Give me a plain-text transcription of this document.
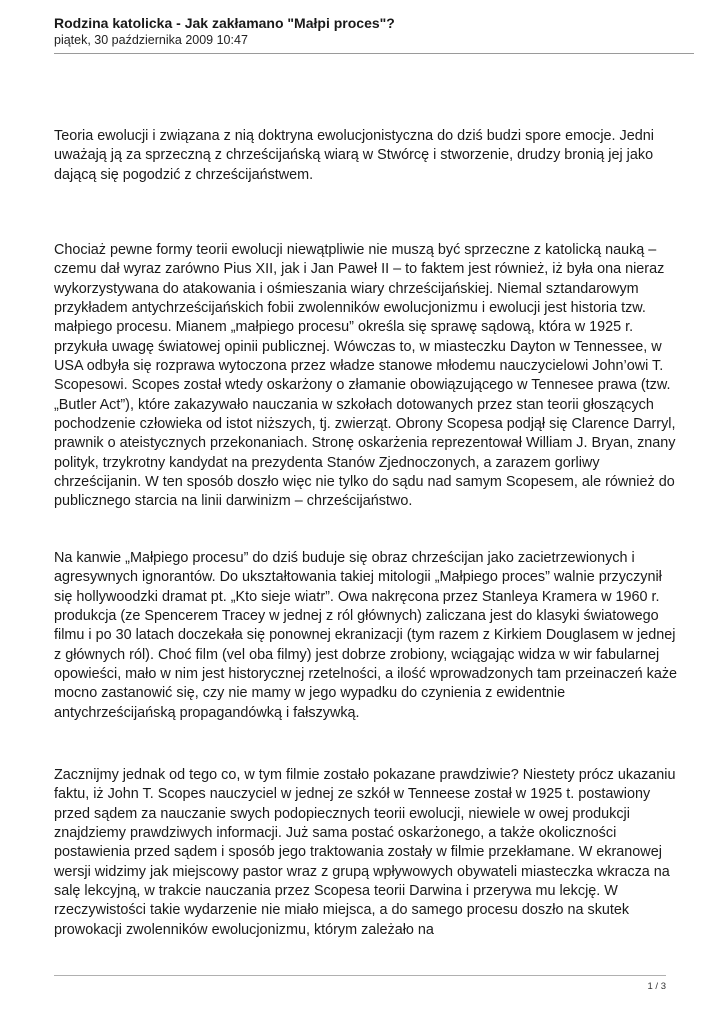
Rodzina katolicka - Jak zakłamano "Małpi proces"?

piątek, 30 października 2009 10:47

Teoria ewolucji i związana z nią doktryna ewolucjonistyczna do dziś budzi spore emocje. Jedni uważają ją za sprzeczną z chrześcijańską wiarą w Stwórcę i stworzenie, drudzy bronią jej jako dającą się pogodzić z chrześcijaństwem.

Chociaż pewne formy teorii ewolucji niewątpliwie nie muszą być sprzeczne z katolicką nauką – czemu dał wyraz zarówno Pius XII, jak i Jan Paweł II – to faktem jest również, iż była ona nieraz wykorzystywana do atakowania i ośmieszania wiary chrześcijańskiej. Niemal sztandarowym przykładem antychrześcijańskich fobii zwolenników ewolucjonizmu i ewolucji jest historia tzw. małpiego procesu. Mianem „małpiego procesu” określa się sprawę sądową, która w 1925 r. przykuła uwagę światowej opinii publicznej. Wówczas to, w miasteczku Dayton w Tennessee, w USA odbyła się rozprawa wytoczona przez władze stanowe młodemu nauczycielowi John’owi T. Scopesowi. Scopes został wtedy oskarżony o złamanie obowiązującego w Tennesee prawa (tzw. „Butler Act”), które zakazywało nauczania w szkołach dotowanych przez stan teorii głoszących pochodzenie człowieka od istot niższych, tj. zwierząt. Obrony Scopesa podjął się Clarence Darryl, prawnik o ateistycznych przekonaniach. Stronę oskarżenia reprezentował William J. Bryan, znany polityk, trzykrotny kandydat na prezydenta Stanów Zjednoczonych, a zarazem gorliwy chrześcijanin. W ten sposób doszło więc nie tylko do sądu nad samym Scopesem, ale również do publicznego starcia na linii darwinizm – chrześcijaństwo.

Na kanwie „Małpiego procesu” do dziś buduje się obraz chrześcijan jako zacietrzewionych i agresywnych ignorantów. Do ukształtowania takiej mitologii „Małpiego proces” walnie przyczynił się hollywoodzki dramat pt. „Kto sieje wiatr”. Owa nakręcona przez Stanleya Kramera w 1960 r. produkcja (ze Spencerem Tracey w jednej z ról głównych) zaliczana jest do klasyki światowego filmu i po 30 latach doczekała się ponownej ekranizacji (tym razem z Kirkiem Douglasem w jednej z głównych ról). Choć film (vel oba filmy) jest dobrze zrobiony, wciągając widza w wir fabularnej opowieści, mało w nim jest historycznej rzetelności, a ilość wprowadzonych tam przeinaczeń każe mocno zastanowić się, czy nie mamy w jego wypadku do czynienia z ewidentnie antychrześcijańską propagandówką i fałszywką.

Zacznijmy jednak od tego co, w tym filmie zostało pokazane prawdziwie? Niestety prócz ukazaniu faktu, iż John T. Scopes nauczyciel w jednej ze szkół w Tenneese został w 1925 t. postawiony przed sądem za nauczanie swych podopiecznych teorii ewolucji, niewiele w owej produkcji znajdziemy prawdziwych informacji. Już sama postać oskarżonego, a także okoliczności postawienia przed sądem i sposób jego traktowania zostały w filmie przekłamane. W ekranowej wersji widzimy jak miejscowy pastor wraz z grupą wpływowych obywateli miasteczka wkracza na salę lekcyjną, w trakcie nauczania przez Scopesa teorii Darwina i przerywa mu lekcję. W rzeczywistości takie wydarzenie nie miało miejsca, a do samego procesu doszło na skutek prowokacji zwolenników ewolucjonizmu, którym zależało na

1 / 3
